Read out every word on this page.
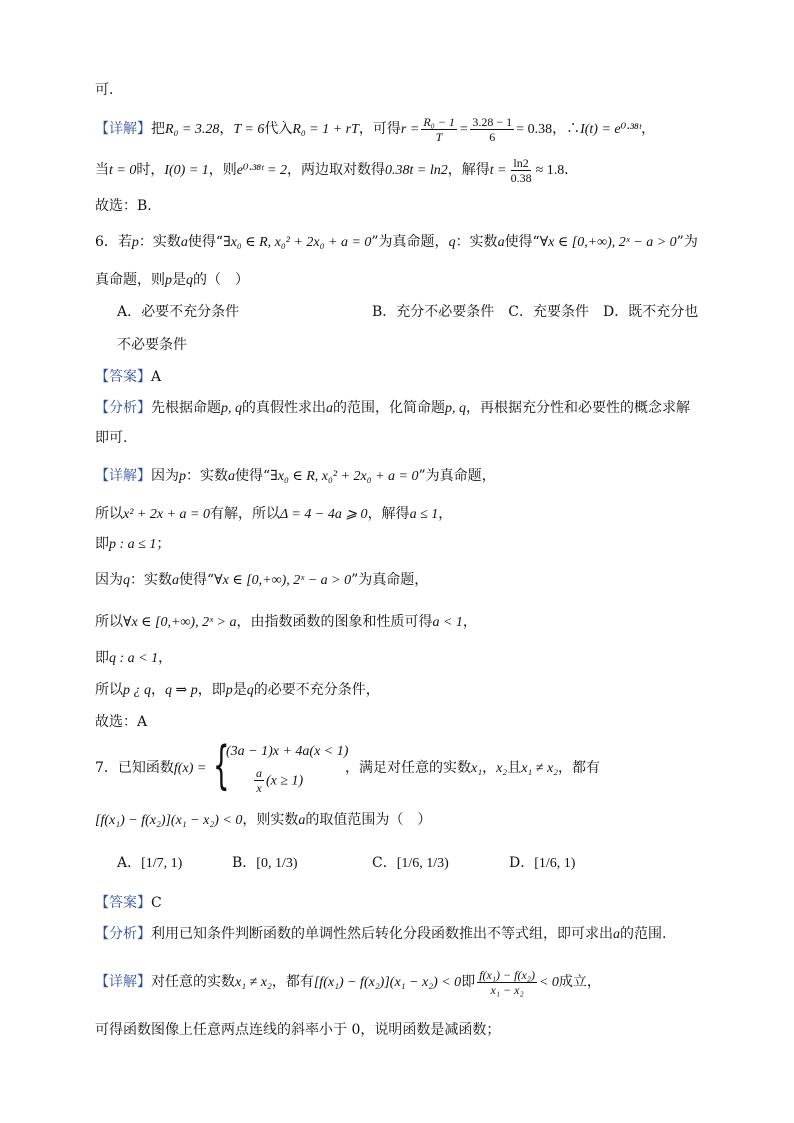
可．
【详解】把R₀ = 3.28，T = 6代入R₀ = 1 + rT，可得$r = \frac{\text{R₀ − 1}}{T} = \frac{3.28 - 1}{6} = 0.38$，∴I(t) = e⁰·³⁸ᵗ，
当t = 0时，I(0) = 1，则e⁰·³⁸ᵗ = 2，两边取对数得0.38t = ln2，解得$t = \frac{\ln 2}{0.38} \approx 1.8$．
故选：B.
6．若p：实数a使得“∃x₀ ∈ R, x₀² + 2x₀ + a = 0”为真命题，q：实数a使得“∀x ∈ [0,+∞), 2ˣ − a > 0”为
真命题，则p是q的（　）
A．必要不充分条件	B．充分不必要条件　 C．充要条件　 D．既不充分也
不必要条件
【答案】A
【分析】先根据命题p, q的真假性求出a的范围，化简命题p, q，再根据充分性和必要性的概念求解
即可.
【详解】因为p：实数a使得“∃x₀ ∈ R, x₀² + 2x₀ + a = 0”为真命题，
所以x² + 2x + a = 0有解，所以Δ = 4 − 4a ⩾ 0，解得a ≤ 1，
即p : a ≤ 1；
因为q：实数a使得“∀x ∈ [0,+∞), 2ˣ − a > 0”为真命题，
所以∀x ∈ [0,+∞), 2ˣ > a，由指数函数的图象和性质可得a < 1，
即q : a < 1，
所以p ¿ q，q ⇒ p，即p是q的必要不充分条件，
故选：A
7．已知函数f(x) = {
(3a − 1)x + 4a(x < 1)
$\frac{a}{x} (x \ge 1)$
，满足对任意的实数x₁，x₂且x₁ ≠ x₂，都有
[f(x₁) − f(x₂)](x₁ − x₂) < 0，则实数a的取值范围为（　）
A．[1/7, 1)	B．[0, 1/3)	C．[1/6, 1/3)	D．[1/6, 1)
【答案】C
【分析】利用已知条件判断函数的单调性然后转化分段函数推出不等式组，即可求出a的范围.
【详解】对任意的实数x₁ ≠ x₂，都有[f(x₁) − f(x₂)](x₁ − x₂) < 0即 $\frac{\text{f(x₁) − f(x₂)}}{\text{x₁ − x₂}} < 0$成立，
可得函数图像上任意两点连线的斜率小于 0，说明函数是减函数；
